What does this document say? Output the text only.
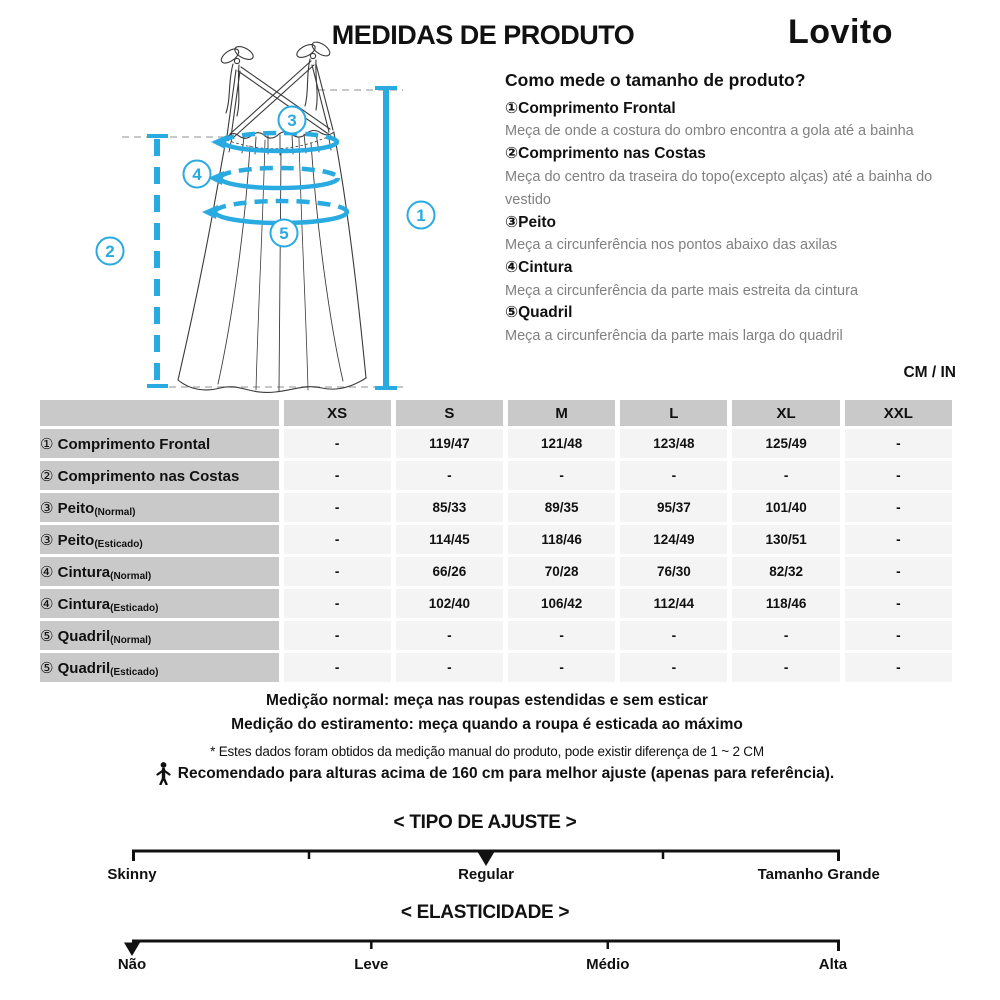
MEDIDAS DE PRODUTO	Lovito
1
2
3
4
5
Como mede o tamanho de produto?
①Comprimento Frontal
Meça de onde a costura do ombro encontra a gola até a bainha
②Comprimento nas Costas
Meça do centro da traseira do topo(excepto alças) até a bainha do vestido
③Peito
Meça a circunferência nos pontos abaixo das axilas
④Cintura
Meça a circunferência da parte mais estreita da cintura
⑤Quadril
Meça a circunferência da parte mais larga do quadril
CM / IN
	XS	S	M	L	XL	XXL
① Comprimento Frontal	-	119/47	121/48	123/48	125/49	-
② Comprimento nas Costas	-	-	-	-	-	-
③ Peito(Normal)	-	85/33	89/35	95/37	101/40	-
③ Peito(Esticado)	-	114/45	118/46	124/49	130/51	-
④ Cintura(Normal)	-	66/26	70/28	76/30	82/32	-
④ Cintura(Esticado)	-	102/40	106/42	112/44	118/46	-
⑤ Quadril(Normal)	-	-	-	-	-	-
⑤ Quadril(Esticado)	-	-	-	-	-	-
Medição normal: meça nas roupas estendidas e sem esticar
Medição do estiramento: meça quando a roupa é esticada ao máximo
* Estes dados foram obtidos da medição manual do produto, pode existir diferença de 1 ~ 2 CM
Recomendado para alturas acima de 160 cm para melhor ajuste (apenas para referência).
< TIPO DE AJUSTE >
Skinny	Regular	Tamanho Grande
< ELASTICIDADE >
Não	Leve	Médio	Alta
